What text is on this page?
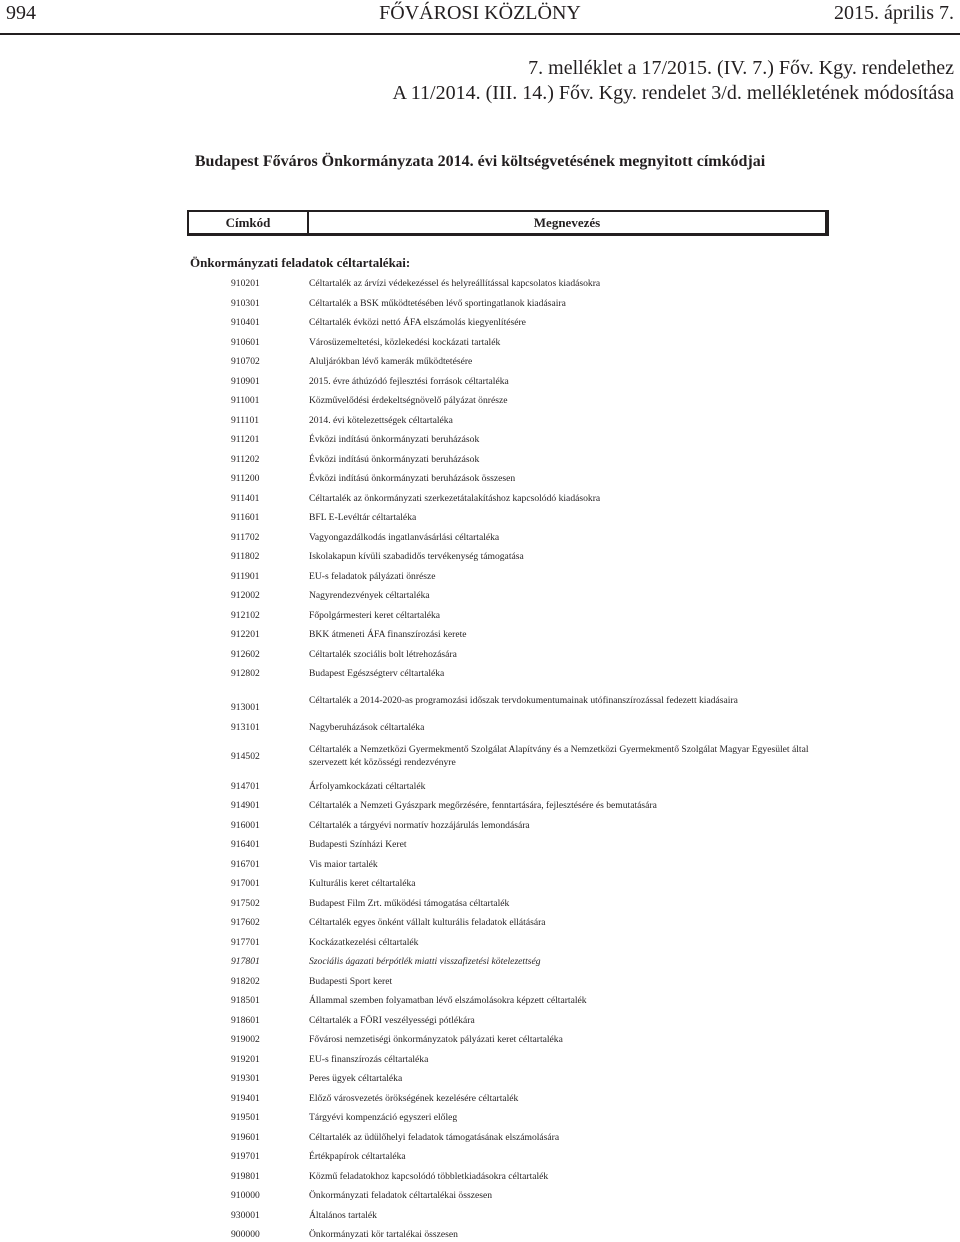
994	FŐVÁROSI KÖZLÖNY	2015. április 7.
7. melléklet a 17/2015. (IV. 7.) Főv. Kgy. rendelethez
A 11/2014. (III. 14.) Főv. Kgy. rendelet 3/d. mellékletének módosítása
Budapest Főváros Önkormányzata 2014. évi költségvetésének megnyitott címkódjai
Címkód	Megnevezés
Önkormányzati feladatok céltartalékai:
910201	Céltartalék az árvízi védekezéssel és helyreállítással kapcsolatos kiadásokra
910301	Céltartalék a BSK működtetésében lévő sportingatlanok kiadásaira
910401	Céltartalék évközi nettó ÁFA elszámolás kiegyenlítésére
910601	Városüzemeltetési, közlekedési kockázati tartalék
910702	Aluljárókban lévő kamerák működtetésére
910901	2015. évre áthúzódó fejlesztési források céltartaléka
911001	Közművelődési érdekeltségnövelő pályázat önrésze
911101	2014. évi kötelezettségek céltartaléka
911201	Évközi indítású önkormányzati beruházások
911202	Évközi indítású önkormányzati beruházások
911200	Évközi indítású önkormányzati beruházások összesen
911401	Céltartalék az önkormányzati szerkezetátalakításhoz kapcsolódó kiadásokra
911601	BFL E-Levéltár céltartaléka
911702	Vagyongazdálkodás ingatlanvásárlási céltartaléka
911802	Iskolakapun kívüli szabadidős tervékenység támogatása
911901	EU-s feladatok pályázati önrésze
912002	Nagyrendezvények céltartaléka
912102	Főpolgármesteri keret céltartaléka
912201	BKK átmeneti ÁFA finanszírozási kerete
912602	Céltartalék szociális bolt létrehozására
912802	Budapest Egészségterv céltartaléka
913001
Céltartalék a 2014-2020-as programozási időszak tervdokumentumainak utófinanszírozással fedezett kiadásaira
913101	Nagyberuházások céltartaléka
914502
Céltartalék a Nemzetközi Gyermekmentő Szolgálat Alapítvány és a Nemzetközi Gyermekmentő Szolgálat Magyar Egyesület által szervezett két közösségi rendezvényre
914701	Árfolyamkockázati céltartalék
914901	Céltartalék a Nemzeti Gyászpark megőrzésére, fenntartására, fejlesztésére és bemutatására
916001	Céltartalék a tárgyévi normatív hozzájárulás lemondására
916401	Budapesti Színházi Keret
916701	Vis maior tartalék
917001	Kulturális keret céltartaléka
917502	Budapest Film Zrt. működési támogatása céltartalék
917602	Céltartalék egyes önként vállalt kulturális feladatok ellátására
917701	Kockázatkezelési céltartalék
917801	Szociális ágazati bérpótlék miatti visszafizetési kötelezettség
918202	Budapesti Sport keret
918501	Állammal szemben folyamatban lévő elszámolásokra képzett céltartalék
918601	Céltartalék a FÖRI veszélyességi pótlékára
919002	Fővárosi nemzetiségi önkormányzatok pályázati keret céltartaléka
919201	EU-s finanszírozás céltartaléka
919301	Peres ügyek céltartaléka
919401	Előző városvezetés örökségének kezelésére céltartalék
919501	Tárgyévi kompenzáció egyszeri előleg
919601	Céltartalék az üdülőhelyi feladatok támogatásának elszámolására
919701	Értékpapírok céltartaléka
919801	Közmű feladatokhoz kapcsolódó többletkiadásokra céltartalék
910000	Önkormányzati feladatok céltartalékai összesen
930001	Általános tartalék
900000	Önkormányzati kör tartalékai összesen
